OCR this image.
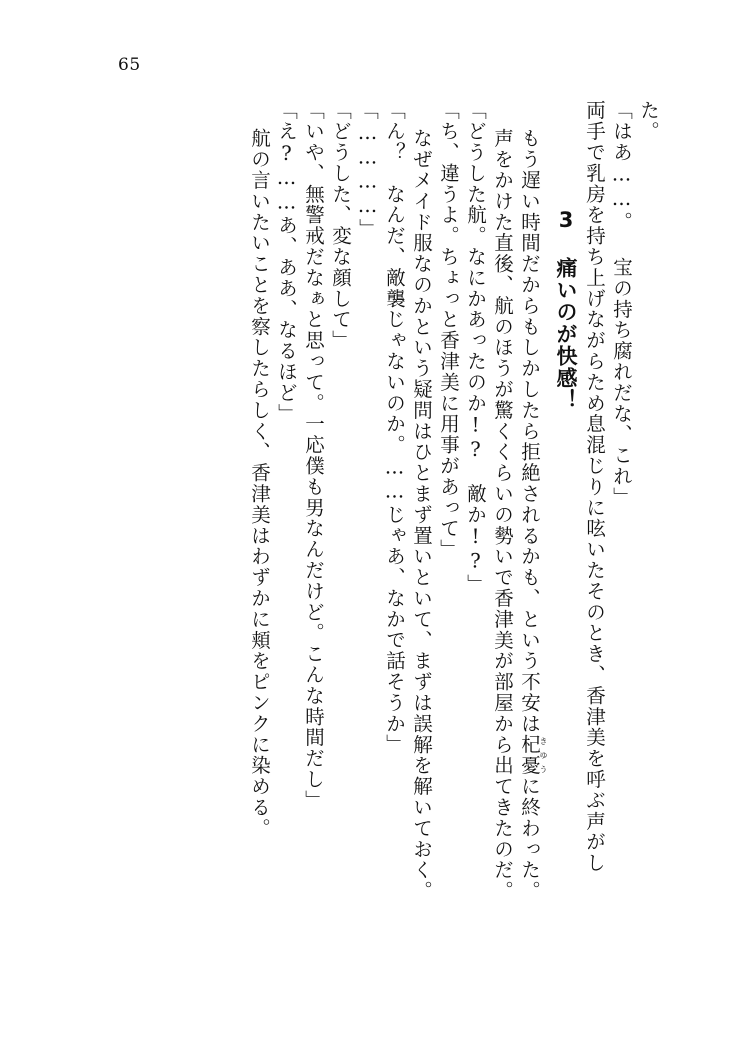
65
た。
「はあ……。 宝の持ち腐れだな、これ」
両手で乳房を持ち上げながらため息混じりに呟いたそのとき、香津美を呼ぶ声がし
3　痛いのが快感！
もう遅い時間だからもしかしたら拒絶されるかも、という不安は杞憂きゆうに終わった。
声をかけた直後、航のほうが驚くくらいの勢いで香津美が部屋から出てきたのだ。
「どうした航。なにかあったのか!?　敵か!?」
「ち、違うよ。ちょっと香津美に用事があって」
なぜメイド服なのかという疑問はひとまず置いといて、まずは誤解を解いておく。
「ん？　なんだ、敵襲じゃないのか。……じゃあ、なかで話そうか」
「…………」
「どうした、変な顔して」
「いや、無警戒だなぁと思って。一応僕も男なんだけど。こんな時間だし」
「え?……あ、ああ、なるほど」
航の言いたいことを察したらしく、香津美はわずかに頬をピンクに染める。
